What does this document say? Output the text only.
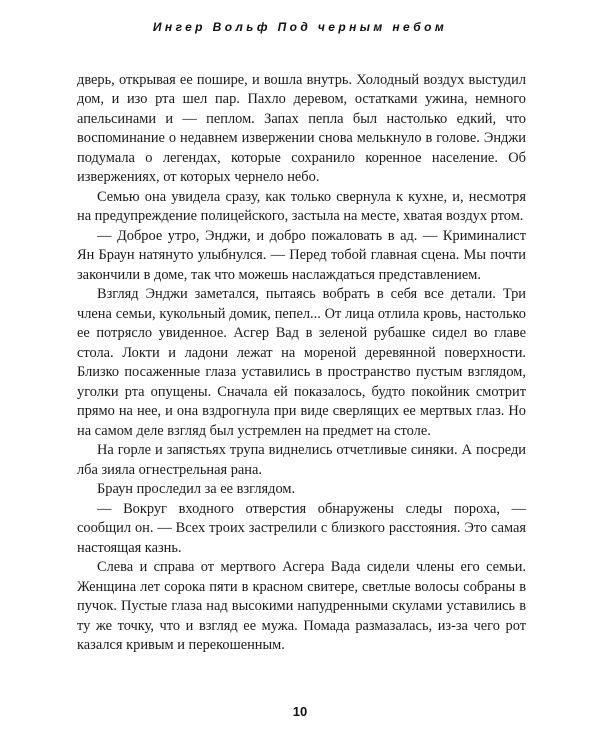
Ингер Вольф Под черным небом

дверь, открывая ее пошире, и вошла внутрь. Холодный воздух выстудил дом, и изо рта шел пар. Пахло деревом, остатками ужина, немного апельсинами и — пеплом. Запах пепла был настолько едкий, что воспоминание о недавнем извержении снова мелькнуло в голове. Энджи подумала о легендах, которые сохранило коренное население. Об извержениях, от которых чернело небо.

Семью она увидела сразу, как только свернула к кухне, и, несмотря на предупреждение полицейского, застыла на месте, хватая воздух ртом.

— Доброе утро, Энджи, и добро пожаловать в ад. — Криминалист Ян Браун натянуто улыбнулся. — Перед тобой главная сцена. Мы почти закончили в доме, так что можешь наслаждаться представлением.

Взгляд Энджи заметался, пытаясь вобрать в себя все детали. Три члена семьи, кукольный домик, пепел... От лица отлила кровь, настолько ее потрясло увиденное. Асгер Вад в зеленой рубашке сидел во главе стола. Локти и ладони лежат на мореной деревянной поверхности. Близко посаженные глаза уставились в пространство пустым взглядом, уголки рта опущены. Сначала ей показалось, будто покойник смотрит прямо на нее, и она вздрогнула при виде сверлящих ее мертвых глаз. Но на самом деле взгляд был устремлен на предмет на столе.

На горле и запястьях трупа виднелись отчетливые синяки. А посреди лба зияла огнестрельная рана.

Браун проследил за ее взглядом.

— Вокруг входного отверстия обнаружены следы пороха, — сообщил он. — Всех троих застрелили с близкого расстояния. Это самая настоящая казнь.

Слева и справа от мертвого Асгера Вада сидели члены его семьи. Женщина лет сорока пяти в красном свитере, светлые волосы собраны в пучок. Пустые глаза над высокими напудренными скулами уставились в ту же точку, что и взгляд ее мужа. Помада размазалась, из-за чего рот казался кривым и перекошенным.

10
